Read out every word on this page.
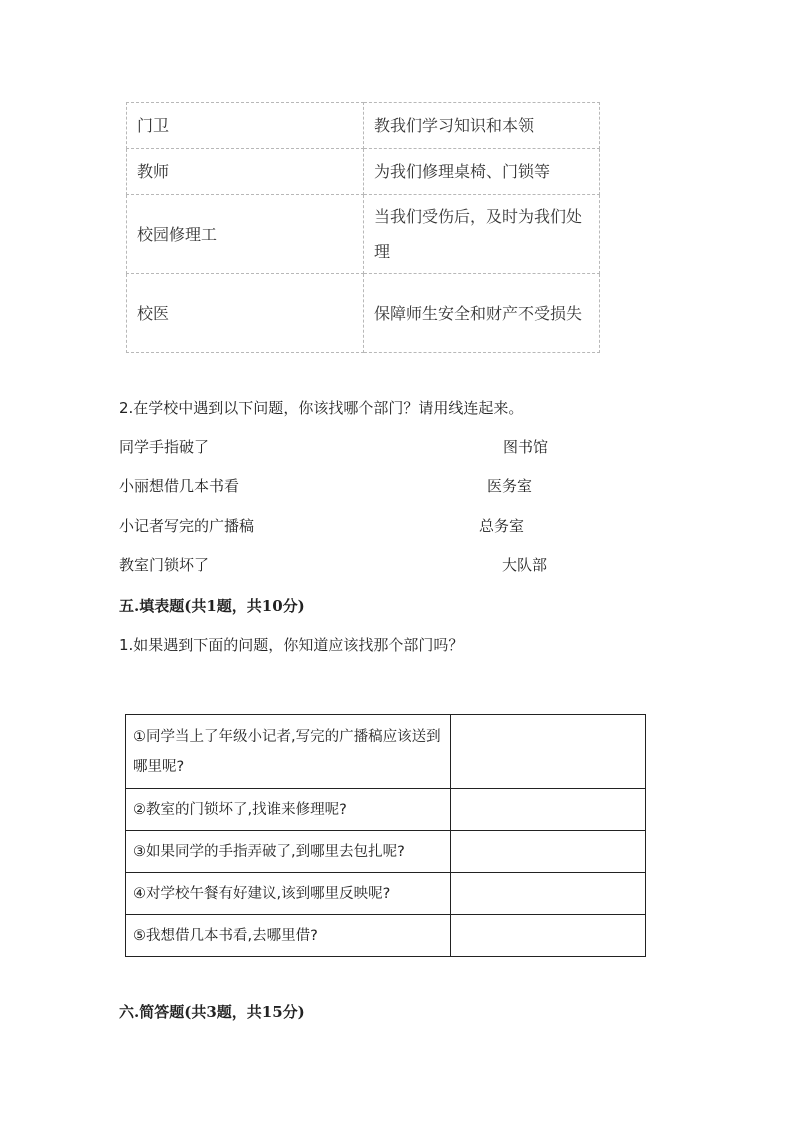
门卫	教我们学习知识和本领
教师	为我们修理桌椅、门锁等
校园修理工	当我们受伤后，及时为我们处理
校医	保障师生安全和财产不受损失
2.在学校中遇到以下问题，你该找哪个部门？请用线连起来。
同学手指破了	图书馆
小丽想借几本书看	医务室
小记者写完的广播稿	总务室
教室门锁坏了	大队部
五.填表题(共1题，共10分)
1.如果遇到下面的问题，你知道应该找那个部门吗？
①同学当上了年级小记者,写完的广播稿应该送到哪里呢?	
②教室的门锁坏了,找谁来修理呢?	
③如果同学的手指弄破了,到哪里去包扎呢?	
④对学校午餐有好建议,该到哪里反映呢?	
⑤我想借几本书看,去哪里借?	
六.简答题(共3题，共15分)
